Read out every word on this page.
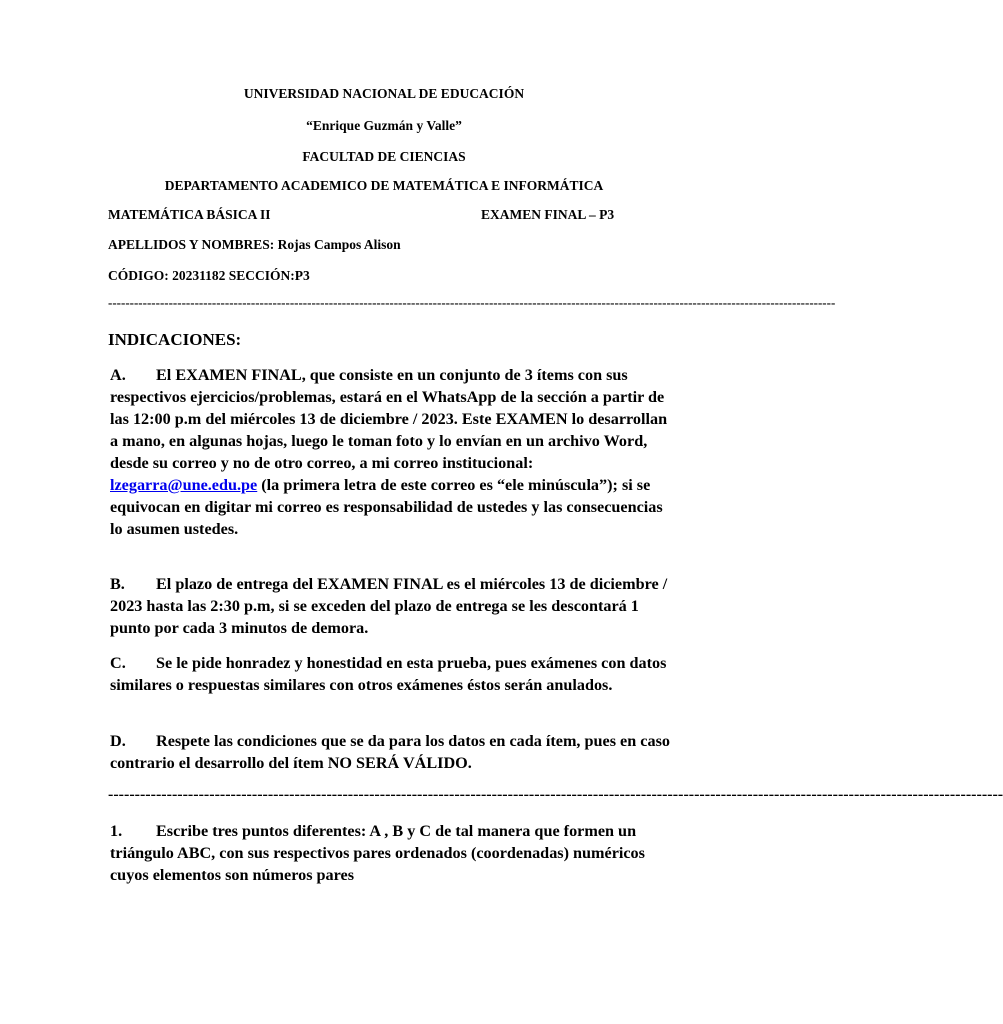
UNIVERSIDAD NACIONAL DE EDUCACIÓN
“Enrique Guzmán y Valle”
FACULTAD DE CIENCIAS
DEPARTAMENTO ACADEMICO DE MATEMÁTICA E INFORMÁTICA
MATEMÁTICA BÁSICA II	EXAMEN FINAL – P3
APELLIDOS Y NOMBRES: Rojas Campos Alison
CÓDIGO: 20231182 SECCIÓN:P3
------------------------------------------------------------------------------------------------------------------------------------------------------------------------
INDICACIONES:
A. El EXAMEN FINAL, que consiste en un conjunto de 3 ítems con sus respectivos ejercicios/problemas, estará en el WhatsApp de la sección a partir de las 12:00 p.m del miércoles 13 de diciembre / 2023. Este EXAMEN lo desarrollan a mano, en algunas hojas, luego le toman foto y lo envían en un archivo Word, desde su correo y no de otro correo, a mi correo institucional: lzegarra@une.edu.pe (la primera letra de este correo es “ele minúscula”); si se equivocan en digitar mi correo es responsabilidad de ustedes y las consecuencias lo asumen ustedes.
B. El plazo de entrega del EXAMEN FINAL es el miércoles 13 de diciembre / 2023 hasta las 2:30 p.m, si se exceden del plazo de entrega se les descontará 1 punto por cada 3 minutos de demora.
C. Se le pide honradez y honestidad en esta prueba, pues exámenes con datos similares o respuestas similares con otros exámenes éstos serán anulados.
D. Respete las condiciones que se da para los datos en cada ítem, pues en caso contrario el desarrollo del ítem NO SERÁ VÁLIDO.
------------------------------------------------------------------------------------------------------------------------------------------------------------------------
1. Escribe tres puntos diferentes: A , B y C de tal manera que formen un triángulo ABC, con sus respectivos pares ordenados (coordenadas) numéricos cuyos elementos son números pares
